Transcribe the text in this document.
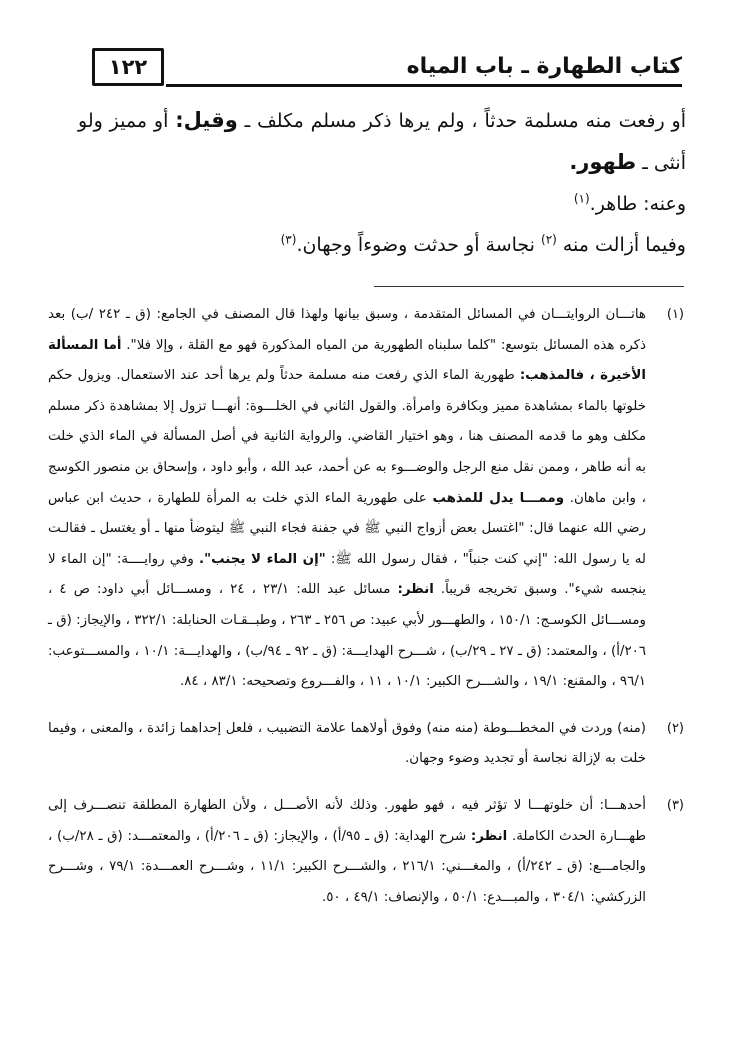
١٢٢	كتاب الطهارة ـ باب المياه

أو رفعت منه مسلمة حدثاً ، ولم يرها ذكر مسلم مكلف ـ وقيل: أو مميز ولو أنثى ـ طهور.

وعنه: طاهر.$^{(١)}$

وفيما أزالت منه $^{(٢)}$ نجاسة أو حدثت وضوءاً وجهان.$^{(٣)}$

(١)
هاتـــان الروايتـــان في المسائل المتقدمة ، وسبق بيانها ولهذا قال المصنف في الجامع: (ق ـ ٢٤٢ /ب) بعد ذكره هذه المسائل بتوسع: "كلما سلبناه الطهورية من المياه المذكورة فهو مع القلة ، وإلا فلا". أما المسألة الأخيرة ، فالمذهب: طهورية الماء الذي رفعت منه مسلمة حدثاً ولم يرها أحد عند الاستعمال. ويزول حكم خلوتها بالماء بمشاهدة مميز وبكافرة وامرأة. والقول الثاني في الخلـــوة: أنهـــا تزول إلا بمشاهدة ذكر مسلم مكلف وهو ما قدمه المصنف هنا ، وهو اختيار القاضي. والرواية الثانية في أصل المسألة في الماء الذي خلت به أنه طاهر ، وممن نقل منع الرجل والوضـــوء به عن أحمد، عبد الله ، وأبو داود ، وإسحاق بن منصور الكوسج ، وابن ماهان. وممـــا يدل للمذهب على طهورية الماء الذي خلت به المرأة للطهارة ، حديث ابن عباس رضي الله عنهما قال: "اغتسل بعض أزواج النبي ﷺ في جفنة فجاء النبي ﷺ ليتوضأ منها ـ أو يغتسل ـ فقالـت له يا رسول الله: "إني كنت جنباً" ، فقال رسول الله ﷺ: "إن الماء لا يجنب". وفي روايــــة: "إن الماء لا ينجسه شيء". وسبق تخريجه قريباً. انظر: مسائل عبد الله: ٢٣/١ ، ٢٤ ، ومســـائل أبي داود: ص ٤ ، ومســـائل الكوسـج: ١٥٠/١ ، والطهـــور لأبي عبيد: ص ٢٥٦ ـ ٢٦٣ ، وطبــقـات الحنابلة: ٣٢٢/١ ، والإيجاز: (ق ـ ٢٠٦/أ) ، والمعتمد: (ق ـ ٢٧ ـ ٢٩/ب) ، شـــرح الهدايـــة: (ق ـ ٩٢ ـ ٩٤/ب) ، والهدايـــة: ١٠/١ ، والمســـتوعب: ٩٦/١ ، والمقنع: ١٩/١ ، والشـــرح الكبير: ١٠/١ ، ١١ ، والفـــروع وتصحيحه: ٨٣/١ ، ٨٤.

(٢)
(منه) وردت في المخطـــوطة (منه منه) وفوق أولاهما علامة التضبيب ، فلعل إحداهما زائدة ، والمعنى ، وفيما خلت به لإزالة نجاسة أو تجديد وضوء وجهان.

(٣)
أحدهـــا: أن خلوتهـــا لا تؤثر فيه ، فهو طهور. وذلك لأنه الأصـــل ، ولأن الطهارة المطلقة تنصـــرف إلى طهـــارة الحدث الكاملة. انظر: شرح الهداية: (ق ـ ٩٥/أ) ، والإيجاز: (ق ـ ٢٠٦/أ) ، والمعتمـــد: (ق ـ ٢٨/ب) ، والجامـــع: (ق ـ ٢٤٢/أ) ، والمغـــني: ٢١٦/١ ، والشـــرح الكبير: ١١/١ ، وشـــرح العمـــدة: ٧٩/١ ، وشـــرح الزركشي: ٣٠٤/١ ، والمبـــدع: ٥٠/١ ، والإنصاف: ٤٩/١ ، ٥٠.
